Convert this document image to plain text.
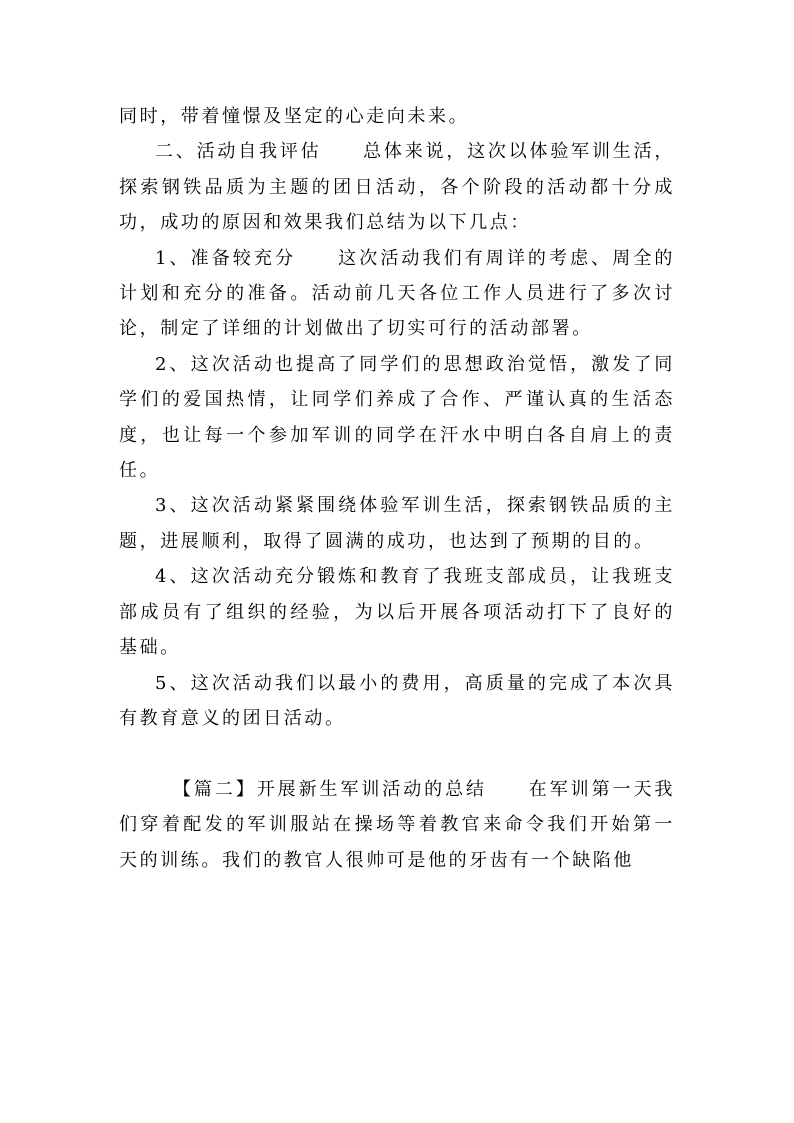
同时，带着憧憬及坚定的心走向未来。

二、活动自我评估　　总体来说，这次以体验军训生活，探索钢铁品质为主题的团日活动，各个阶段的活动都十分成功，成功的原因和效果我们总结为以下几点：

1、准备较充分　　这次活动我们有周详的考虑、周全的计划和充分的准备。活动前几天各位工作人员进行了多次讨论，制定了详细的计划做出了切实可行的活动部署。

2、这次活动也提高了同学们的思想政治觉悟，激发了同学们的爱国热情，让同学们养成了合作、严谨认真的生活态度，也让每一个参加军训的同学在汗水中明白各自肩上的责任。

3、这次活动紧紧围绕体验军训生活，探索钢铁品质的主题，进展顺利，取得了圆满的成功，也达到了预期的目的。

4、这次活动充分锻炼和教育了我班支部成员，让我班支部成员有了组织的经验，为以后开展各项活动打下了良好的基础。

5、这次活动我们以最小的费用，高质量的完成了本次具有教育意义的团日活动。

【篇二】开展新生军训活动的总结　　在军训第一天我们穿着配发的军训服站在操场等着教官来命令我们开始第一天的训练。我们的教官人很帅可是他的牙齿有一个缺陷他
